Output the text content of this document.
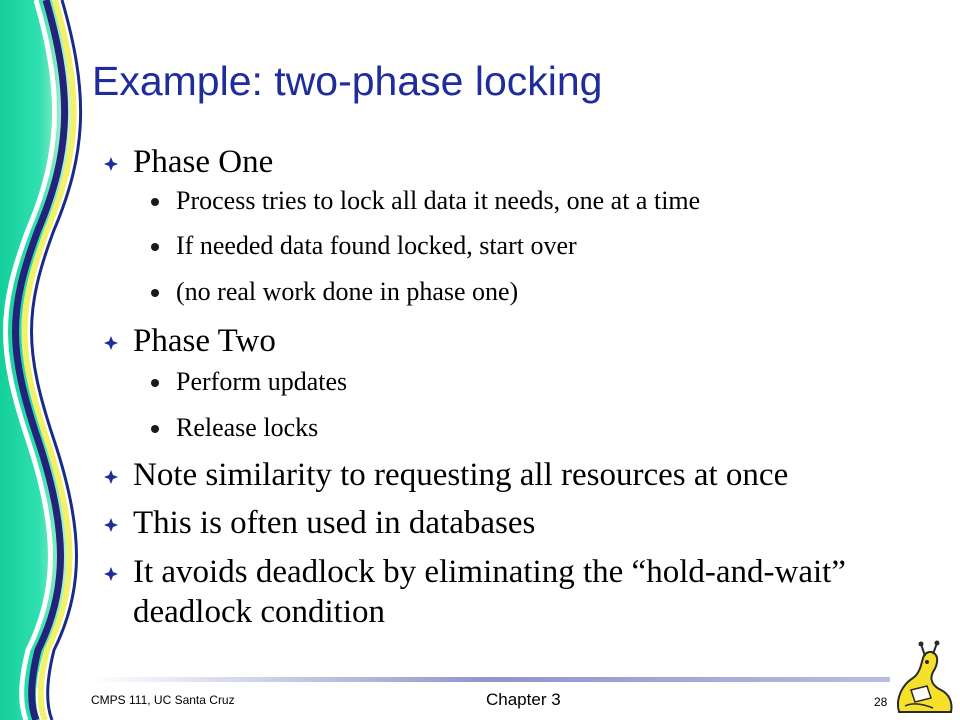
Example: two-phase locking
Phase One
Process tries to lock all data it needs, one at a time
If needed data found locked, start over
(no real work done in phase one)
Phase Two
Perform updates
Release locks
Note similarity to requesting all resources at once
This is often used in databases
It avoids deadlock by eliminating the “hold-and-wait” deadlock condition
CMPS 111, UC Santa Cruz	Chapter 3	28
